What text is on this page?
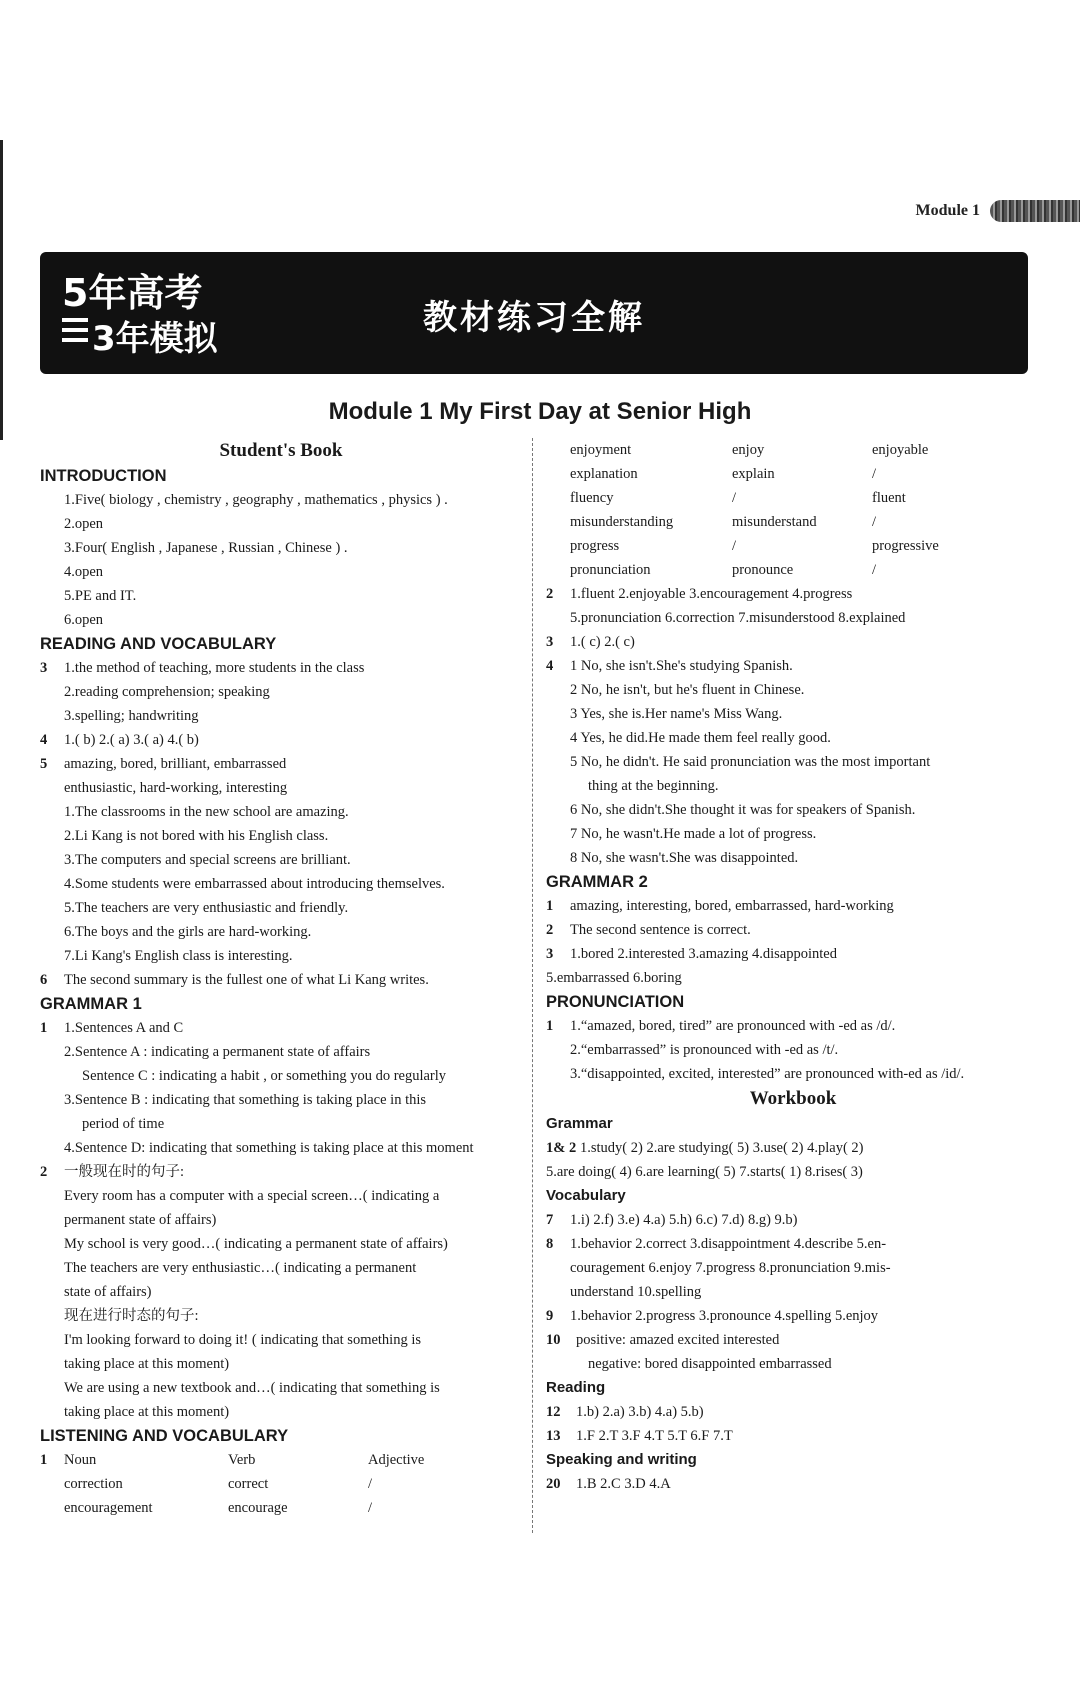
Module 1
5年高考
3年模拟
教材练习全解
Module 1 My First Day at Senior High
Student's Book
INTRODUCTION
1.Five( biology , chemistry , geography , mathematics , physics ) .
2.open
3.Four( English , Japanese , Russian , Chinese ) .
4.open
5.PE and IT.
6.open
READING AND VOCABULARY
3 1.the method of teaching, more students in the class
2.reading comprehension; speaking
3.spelling; handwriting
4 1.( b) 2.( a) 3.( a) 4.( b)
5 amazing, bored, brilliant, embarrassed
enthusiastic, hard-working, interesting
1.The classrooms in the new school are amazing.
2.Li Kang is not bored with his English class.
3.The computers and special screens are brilliant.
4.Some students were embarrassed about introducing themselves.
5.The teachers are very enthusiastic and friendly.
6.The boys and the girls are hard-working.
7.Li Kang's English class is interesting.
6 The second summary is the fullest one of what Li Kang writes.
GRAMMAR 1
1 1.Sentences A and C
2.Sentence A : indicating a permanent state of affairs
Sentence C : indicating a habit , or something you do regularly
3.Sentence B : indicating that something is taking place in this
period of time
4.Sentence D: indicating that something is taking place at this moment
2 一般现在时的句子:
Every room has a computer with a special screen…( indicating a
permanent state of affairs)
My school is very good…( indicating a permanent state of affairs)
The teachers are very enthusiastic…( indicating a permanent
state of affairs)
现在进行时态的句子:
I'm looking forward to doing it! ( indicating that something is
taking place at this moment)
We are using a new textbook and…( indicating that something is
taking place at this moment)
LISTENING AND VOCABULARY
1	Noun	Verb	Adjective
correction	correct	/
encouragement	encourage	/
enjoyment	enjoy	enjoyable
explanation	explain	/
fluency	/	fluent
misunderstanding	misunderstand	/
progress	/	progressive
pronunciation	pronounce	/
2 1.fluent 2.enjoyable 3.encouragement 4.progress
5.pronunciation 6.correction 7.misunderstood 8.explained
3 1.( c) 2.( c)
4 1 No, she isn't.She's studying Spanish.
2 No, he isn't, but he's fluent in Chinese.
3 Yes, she is.Her name's Miss Wang.
4 Yes, he did.He made them feel really good.
5 No, he didn't. He said pronunciation was the most important
thing at the beginning.
6 No, she didn't.She thought it was for speakers of Spanish.
7 No, he wasn't.He made a lot of progress.
8 No, she wasn't.She was disappointed.
GRAMMAR 2
1 amazing, interesting, bored, embarrassed, hard-working
2 The second sentence is correct.
3 1.bored 2.interested 3.amazing 4.disappointed
5.embarrassed 6.boring
PRONUNCIATION
1 1.“amazed, bored, tired” are pronounced with -ed as /d/.
2.“embarrassed” is pronounced with -ed as /t/.
3.“disappointed, excited, interested” are pronounced with-ed as /id/.
Workbook
Grammar
1& 2 1.study( 2) 2.are studying( 5) 3.use( 2) 4.play( 2)
5.are doing( 4) 6.are learning( 5) 7.starts( 1) 8.rises( 3)
Vocabulary
7 1.i) 2.f) 3.e) 4.a) 5.h) 6.c) 7.d) 8.g) 9.b)
8 1.behavior 2.correct 3.disappointment 4.describe 5.en-
couragement 6.enjoy 7.progress 8.pronunciation 9.mis-
understand 10.spelling
9 1.behavior 2.progress 3.pronounce 4.spelling 5.enjoy
10 positive: amazed excited interested
negative: bored disappointed embarrassed
Reading
12 1.b) 2.a) 3.b) 4.a) 5.b)
13 1.F 2.T 3.F 4.T 5.T 6.F 7.T
Speaking and writing
20 1.B 2.C 3.D 4.A
